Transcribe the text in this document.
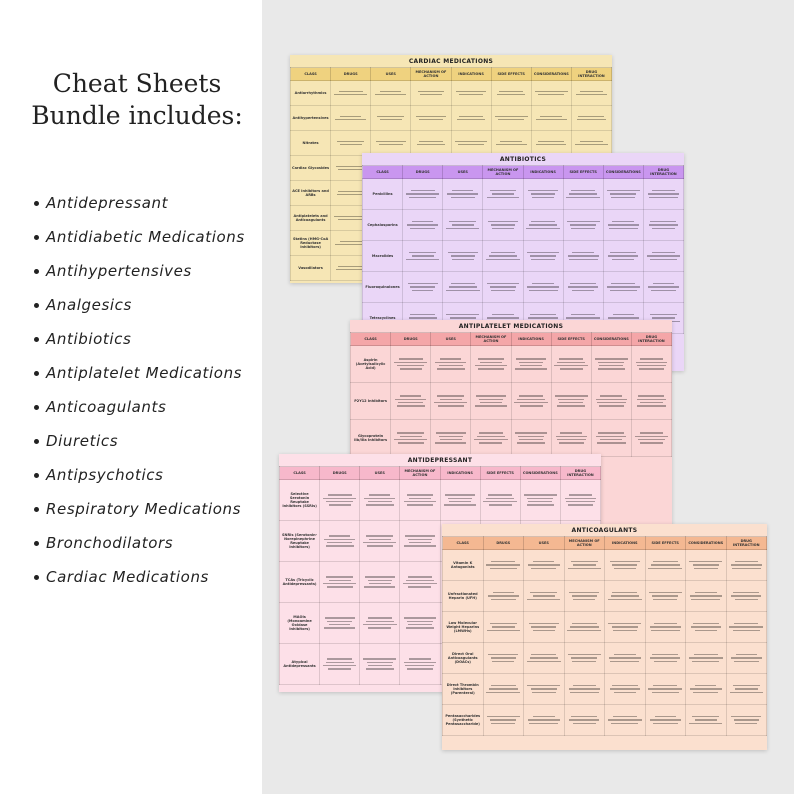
Cheat Sheets
Bundle includes:
Antidepressant
Antidiabetic Medications
Antihypertensives
Analgesics
Antibiotics
Antiplatelet Medications
Anticoagulants
Diuretics
Antipsychotics
Respiratory Medications
Bronchodilators
Cardiac Medications
CARDIAC MEDICATIONS
CLASS	DRUGS	USES	MECHANISM OF ACTION	INDICATIONS	SIDE EFFECTS	CONSIDERATIONS	DRUG INTERACTION
Antiarrhythmics	

Antihypertensives	

Nitrates	

Cardiac Glycosides	

ACE Inhibitors and ARBs	

Antiplatelets and Anticoagulants	

Statins (HMG-CoA Reductase Inhibitors)	

Vasodilators	

ANTIBIOTICS
CLASS	DRUGS	USES	MECHANISM OF ACTION	INDICATIONS	SIDE EFFECTS	CONSIDERATIONS	DRUG INTERACTION
Penicillins	

Cephalosporins	

Macrolides	

Fluoroquinolones	

Tetracyclines	

ANTIPLATELET MEDICATIONS
CLASS	DRUGS	USES	MECHANISM OF ACTION	INDICATIONS	SIDE EFFECTS	CONSIDERATIONS	DRUG INTERACTION
Aspirin (Acetylsalicylic Acid)	

P2Y12 Inhibitors	

Glycoprotein IIb/IIIa Inhibitors	

ANTIDEPRESSANT
CLASS	DRUGS	USES	MECHANISM OF ACTION	INDICATIONS	SIDE EFFECTS	CONSIDERATIONS	DRUG INTERACTION
Selective Serotonin Reuptake Inhibitors (SSRIs)	

SNRIs (Serotonin-Norepinephrine Reuptake Inhibitors)	

TCAs (Tricyclic Antidepressants)	

MAOIs (Monoamine Oxidase Inhibitors)	

Atypical Antidepressants	

ANTICOAGULANTS
CLASS	DRUGS	USES	MECHANISM OF ACTION	INDICATIONS	SIDE EFFECTS	CONSIDERATIONS	DRUG INTERACTION
Vitamin K Antagonists	

Unfractionated Heparin (UFH)	

Low Molecular Weight Heparins (LMWHs)	

Direct Oral Anticoagulants (DOACs)	

Direct Thrombin Inhibitors (Parenteral)	

Pentasaccharides (Synthetic Pentasaccharide)	
